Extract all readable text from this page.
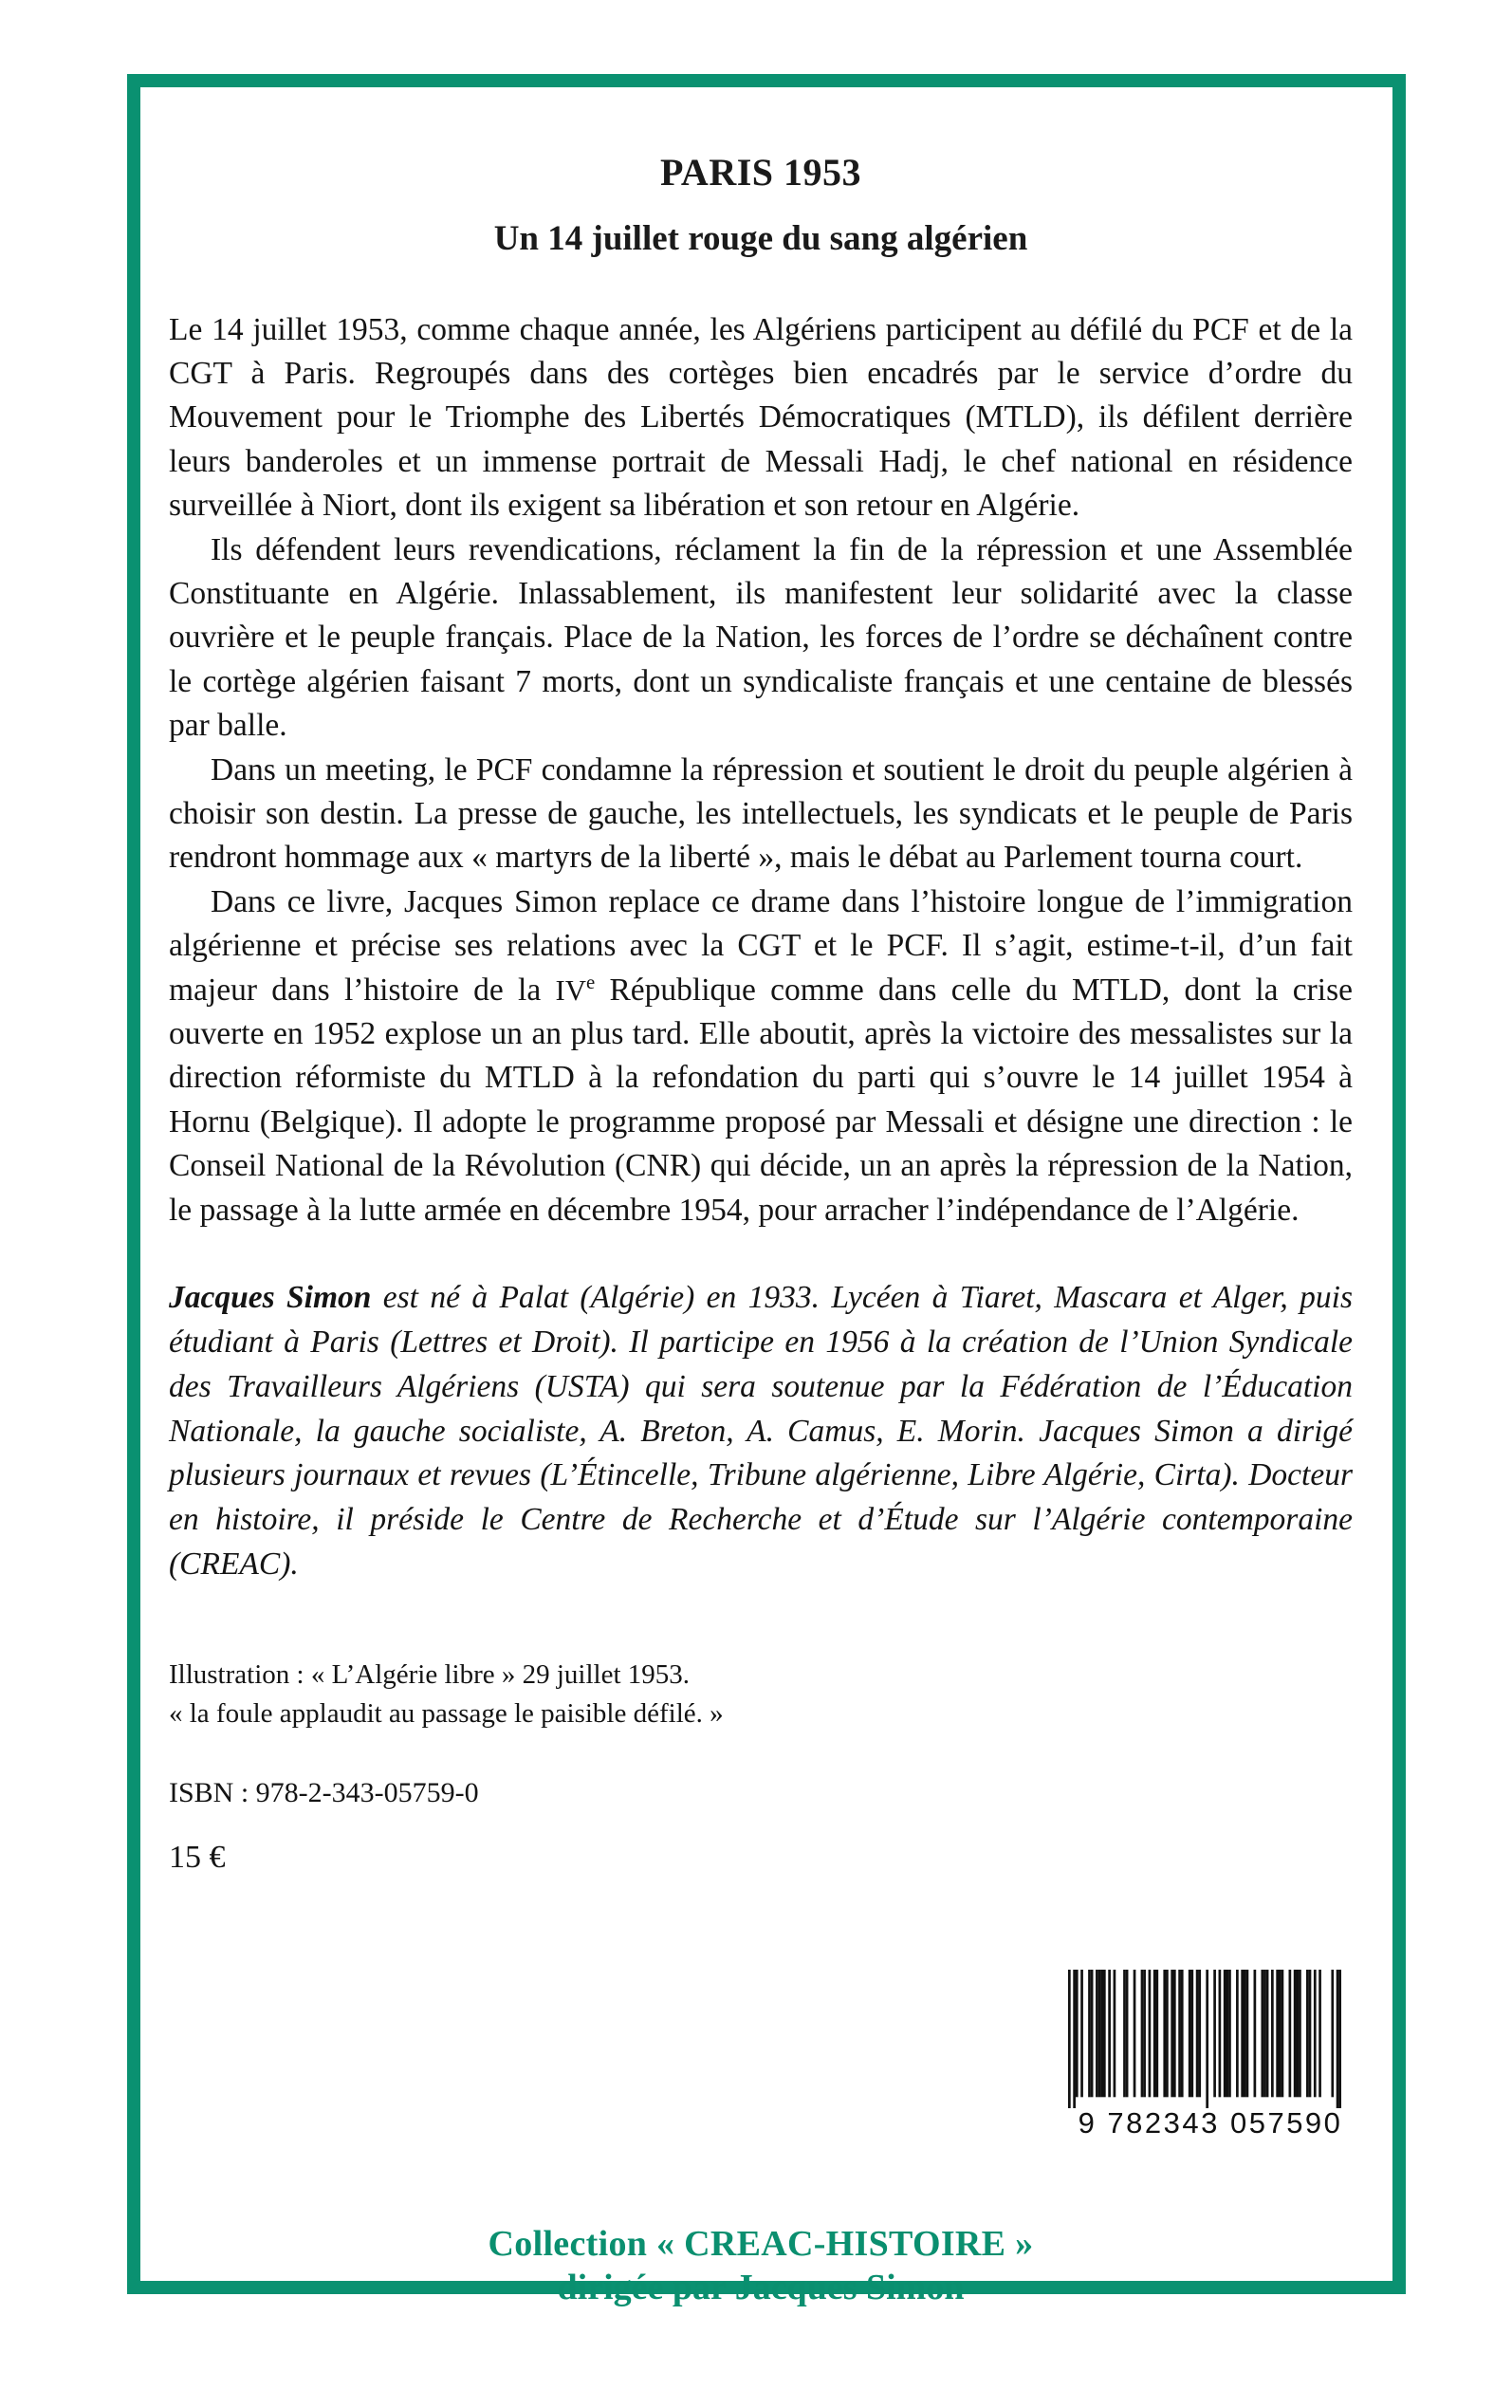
PARIS 1953
Un 14 juillet rouge du sang algérien

Le 14 juillet 1953, comme chaque année, les Algériens participent au défilé du PCF et de la CGT à Paris. Regroupés dans des cortèges bien encadrés par le service d’ordre du Mouvement pour le Triomphe des Libertés Démocratiques (MTLD), ils défilent derrière leurs banderoles et un immense portrait de Messali Hadj, le chef national en résidence surveillée à Niort, dont ils exigent sa libération et son retour en Algérie.

Ils défendent leurs revendications, réclament la fin de la répression et une Assemblée Constituante en Algérie. Inlassablement, ils manifestent leur solidarité avec la classe ouvrière et le peuple français. Place de la Nation, les forces de l’ordre se déchaînent contre le cortège algérien faisant 7 morts, dont un syndicaliste français et une centaine de blessés par balle.

Dans un meeting, le PCF condamne la répression et soutient le droit du peuple algérien à choisir son destin. La presse de gauche, les intellectuels, les syndicats et le peuple de Paris rendront hommage aux « martyrs de la liberté », mais le débat au Parlement tourna court.

Dans ce livre, Jacques Simon replace ce drame dans l’histoire longue de l’immigration algérienne et précise ses relations avec la CGT et le PCF. Il s’agit, estime-t-il, d’un fait majeur dans l’histoire de la IVe République comme dans celle du MTLD, dont la crise ouverte en 1952 explose un an plus tard. Elle aboutit, après la victoire des messalistes sur la direction réformiste du MTLD à la refondation du parti qui s’ouvre le 14 juillet 1954 à Hornu (Belgique). Il adopte le programme proposé par Messali et désigne une direction : le Conseil National de la Révolution (CNR) qui décide, un an après la répression de la Nation, le passage à la lutte armée en décembre 1954, pour arracher l’indépendance de l’Algérie.

Jacques Simon est né à Palat (Algérie) en 1933. Lycéen à Tiaret, Mascara et Alger, puis étudiant à Paris (Lettres et Droit). Il participe en 1956 à la création de l’Union Syndicale des Travailleurs Algériens (USTA) qui sera soutenue par la Fédération de l’Éducation Nationale, la gauche socialiste, A. Breton, A. Camus, E. Morin. Jacques Simon a dirigé plusieurs journaux et revues (L’Étincelle, Tribune algérienne, Libre Algérie, Cirta). Docteur en histoire, il préside le Centre de Recherche et d’Étude sur l’Algérie contemporaine (CREAC).

Illustration : « L’Algérie libre » 29 juillet 1953.

« la foule applaudit au passage le paisible défilé. »

ISBN : 978-2-343-05759-0

15 €

9 782343 057590
Collection « CREAC-HISTOIRE »
dirigée par Jacques Simon
